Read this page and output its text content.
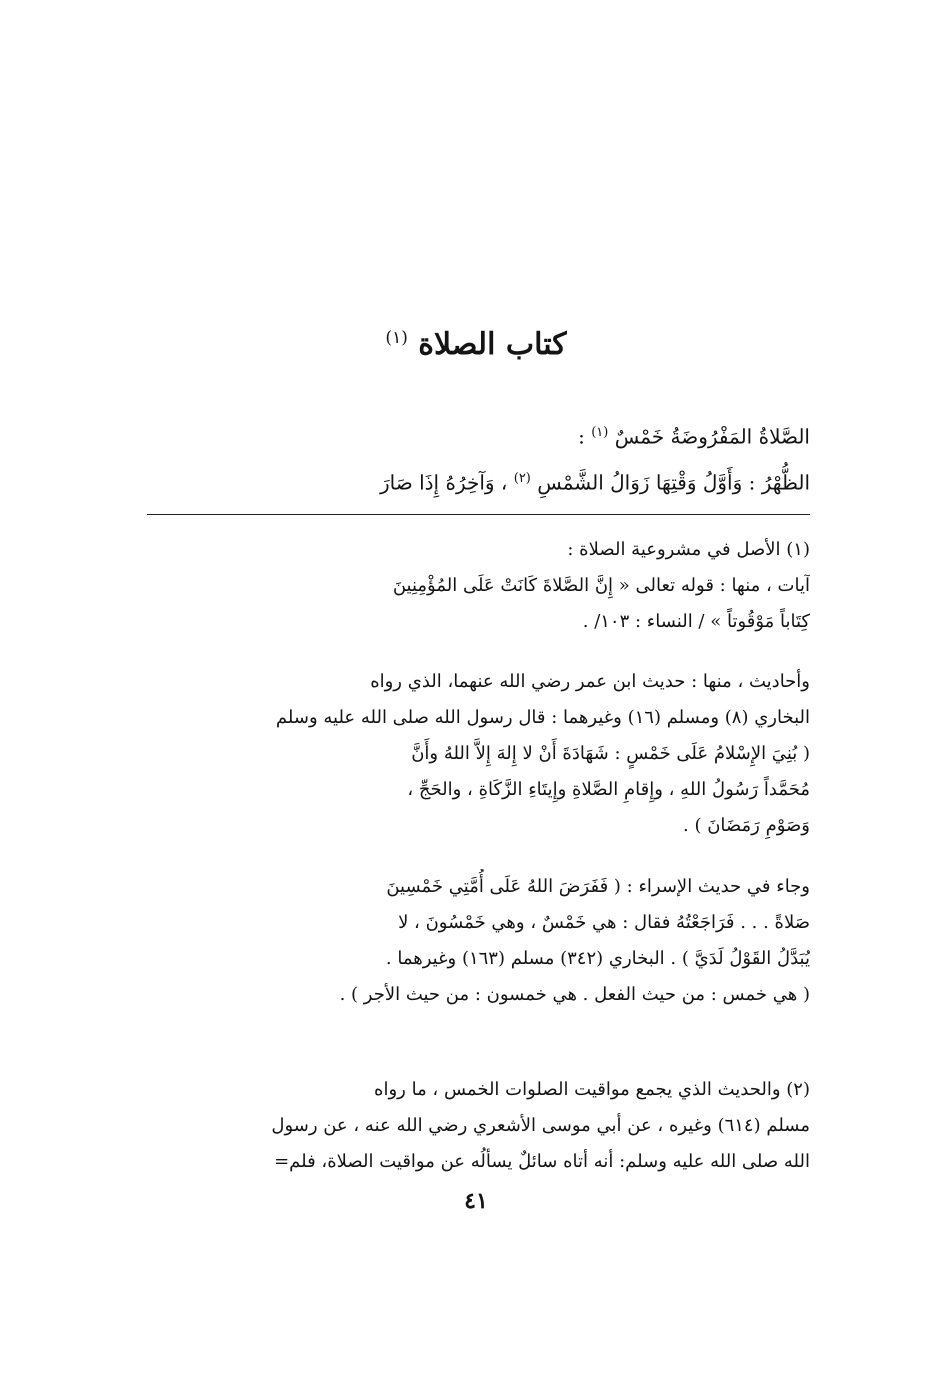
كتاب الصلاة $^{(١)}$
الصَّلاةُ المَفْرُوضَةُ خَمْسٌ $^{(١)}$ :
الظُّهْرُ : وَأَوَّلُ وَقْتِهَا زَوَالُ الشَّمْسِ $^{(٢)}$ ، وَآخِرُهُ إِذَا صَارَ
(١) الأصل في مشروعية الصلاة :
آيات ، منها : قوله تعالى « إِنَّ الصَّلاةَ كَانَتْ عَلَى المُؤْمِنِينَ
كِتَاباً مَوْقُوتاً » / النساء : ١٠٣/ .
وأحاديث ، منها : حديث ابن عمر رضي الله عنهما، الذي رواه
البخاري (٨) ومسلم (١٦) وغيرهما : قال رسول الله صلى الله عليه وسلم
( بُنِيَ الإِسْلامُ عَلَى خَمْسٍ : شَهَادَةَ أَنْ لا إِلهَ إِلاَّ اللهُ وأَنَّ
مُحَمَّداً رَسُولُ اللهِ ، وإِقامِ الصَّلاةِ وإِيتَاءِ الزَّكَاةِ ، والحَجِّ ،
وَصَوْمِ رَمَضَانَ ) .
وجاء في حديث الإسراء : ( فَفَرَضَ اللهُ عَلَى أُمَّتِي خَمْسِينَ
صَلاةً . . . فَرَاجَعْتُهُ فقال : هي خَمْسٌ ، وهي خَمْسُونَ ، لا
يُبَدَّلُ القَوْلُ لَدَيَّ ) . البخاري (٣٤٢) مسلم (١٦٣) وغيرهما .
( هي خمس : من حيث الفعل . هي خمسون : من حيث الأجر ) .
(٢) والحديث الذي يجمع مواقيت الصلوات الخمس ، ما رواه
مسلم (٦١٤) وغيره ، عن أبي موسى الأشعري رضي الله عنه ، عن رسول
الله صلى الله عليه وسلم: أنه أتاه سائلٌ يسألُه عن مواقيت الصلاة، فلم=
٤١
